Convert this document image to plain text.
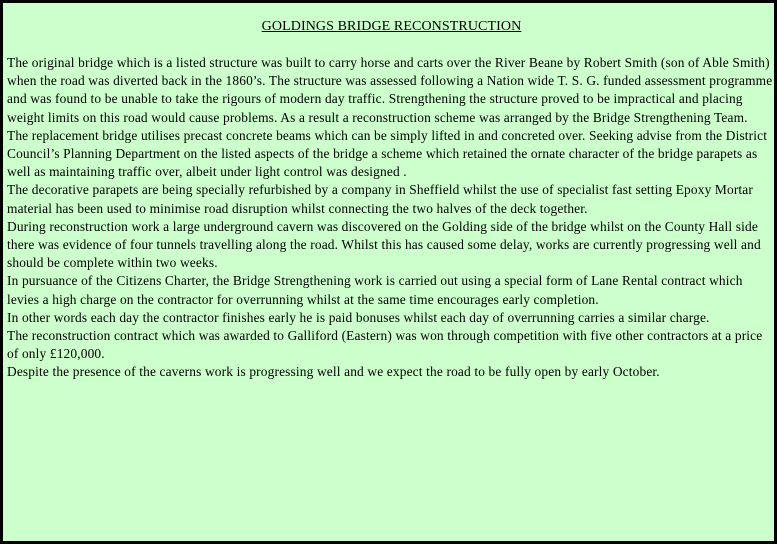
GOLDINGS BRIDGE RECONSTRUCTION

The original bridge which is a listed structure was built to carry horse and carts over the River Beane by Robert Smith (son of Able Smith) when the road was diverted back in the 1860’s. The structure was assessed following a Nation wide T. S. G. funded assessment programme and was found to be unable to take the rigours of modern day traffic. Strengthening the structure proved to be impractical and placing weight limits on this road would cause problems. As a result a reconstruction scheme was arranged by the Bridge Strengthening Team.

The replacement bridge utilises precast concrete beams which can be simply lifted in and concreted over. Seeking advise from the District Council’s Planning Department on the listed aspects of the bridge a scheme which retained the ornate character of the bridge parapets as well as maintaining traffic over, albeit under light control was designed .

The decorative parapets are being specially refurbished by a company in Sheffield whilst the use of specialist fast setting Epoxy Mortar material has been used to minimise road disruption whilst connecting the two halves of the deck together.

During reconstruction work a large underground cavern was discovered on the Golding side of the bridge whilst on the County Hall side there was evidence of four tunnels travelling along the road. Whilst this has caused some delay, works are currently progressing well and should be complete within two weeks.

In pursuance of the Citizens Charter, the Bridge Strengthening work is carried out using a special form of Lane Rental contract which levies a high charge on the contractor for overrunning whilst at the same time encourages early completion.

In other words each day the contractor finishes early he is paid bonuses whilst each day of overrunning carries a similar charge.

The reconstruction contract which was awarded to Galliford (Eastern) was won through competition with five other contractors at a price of only £120,000.

Despite the presence of the caverns work is progressing well and we expect the road to be fully open by early October.
